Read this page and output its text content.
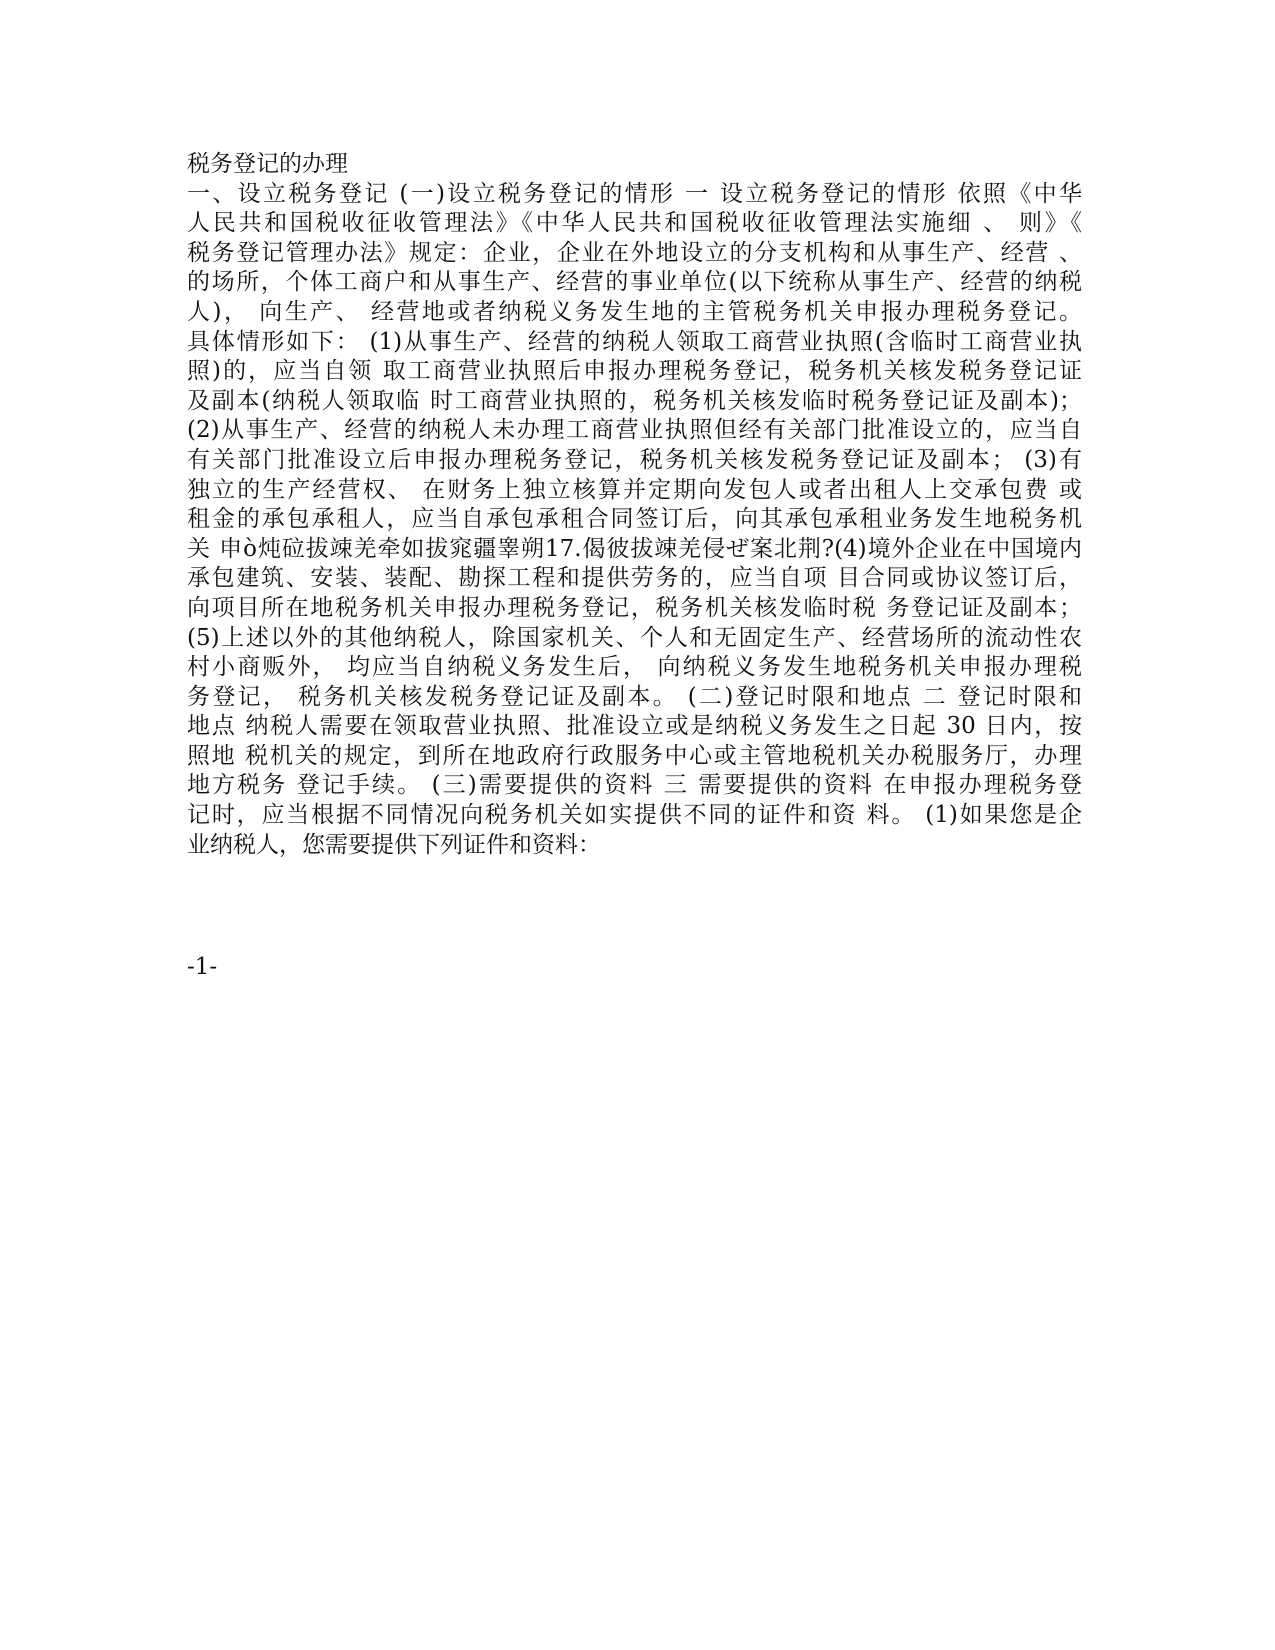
税务登记的办理
一、设立税务登记 (一)设立税务登记的情形 一 设立税务登记的情形 依照《中华
人民共和国税收征收管理法》《中华人民共和国税收征收管理法实施细 、 则》《
税务登记管理办法》规定：企业，企业在外地设立的分支机构和从事生产、经营 、
的场所，个体工商户和从事生产、经营的事业单位(以下统称从事生产、经营的纳税
人)， 向生产、 经营地或者纳税义务发生地的主管税务机关申报办理税务登记。
具体情形如下： (1)从事生产、经营的纳税人领取工商营业执照(含临时工商营业执
照)的，应当自领 取工商营业执照后申报办理税务登记，税务机关核发税务登记证
及副本(纳税人领取临 时工商营业执照的，税务机关核发临时税务登记证及副本)；
(2)从事生产、经营的纳税人未办理工商营业执照但经有关部门批准设立的，应当自
有关部门批准设立后申报办理税务登记，税务机关核发税务登记证及副本； (3)有
独立的生产经营权、 在财务上独立核算并定期向发包人或者出租人上交承包费 或
租金的承包承租人，应当自承包承租合同签订后，向其承包承租业务发生地税务机
关 申ò炖砬拔竦羌牵如拔窕疆睾朔17.偈彼拔竦羌侵ぜ案北荆?(4)境外企业在中国境内
承包建筑、安装、装配、勘探工程和提供劳务的，应当自项 目合同或协议签订后，
向项目所在地税务机关申报办理税务登记，税务机关核发临时税 务登记证及副本；
(5)上述以外的其他纳税人，除国家机关、个人和无固定生产、经营场所的流动性农
村小商贩外， 均应当自纳税义务发生后， 向纳税义务发生地税务机关申报办理税
务登记， 税务机关核发税务登记证及副本。 (二)登记时限和地点 二 登记时限和
地点 纳税人需要在领取营业执照、批准设立或是纳税义务发生之日起 30 日内，按
照地 税机关的规定，到所在地政府行政服务中心或主管地税机关办税服务厅，办理
地方税务 登记手续。 (三)需要提供的资料 三 需要提供的资料 在申报办理税务登
记时，应当根据不同情况向税务机关如实提供不同的证件和资 料。 (1)如果您是企
业纳税人，您需要提供下列证件和资料：
-1-
